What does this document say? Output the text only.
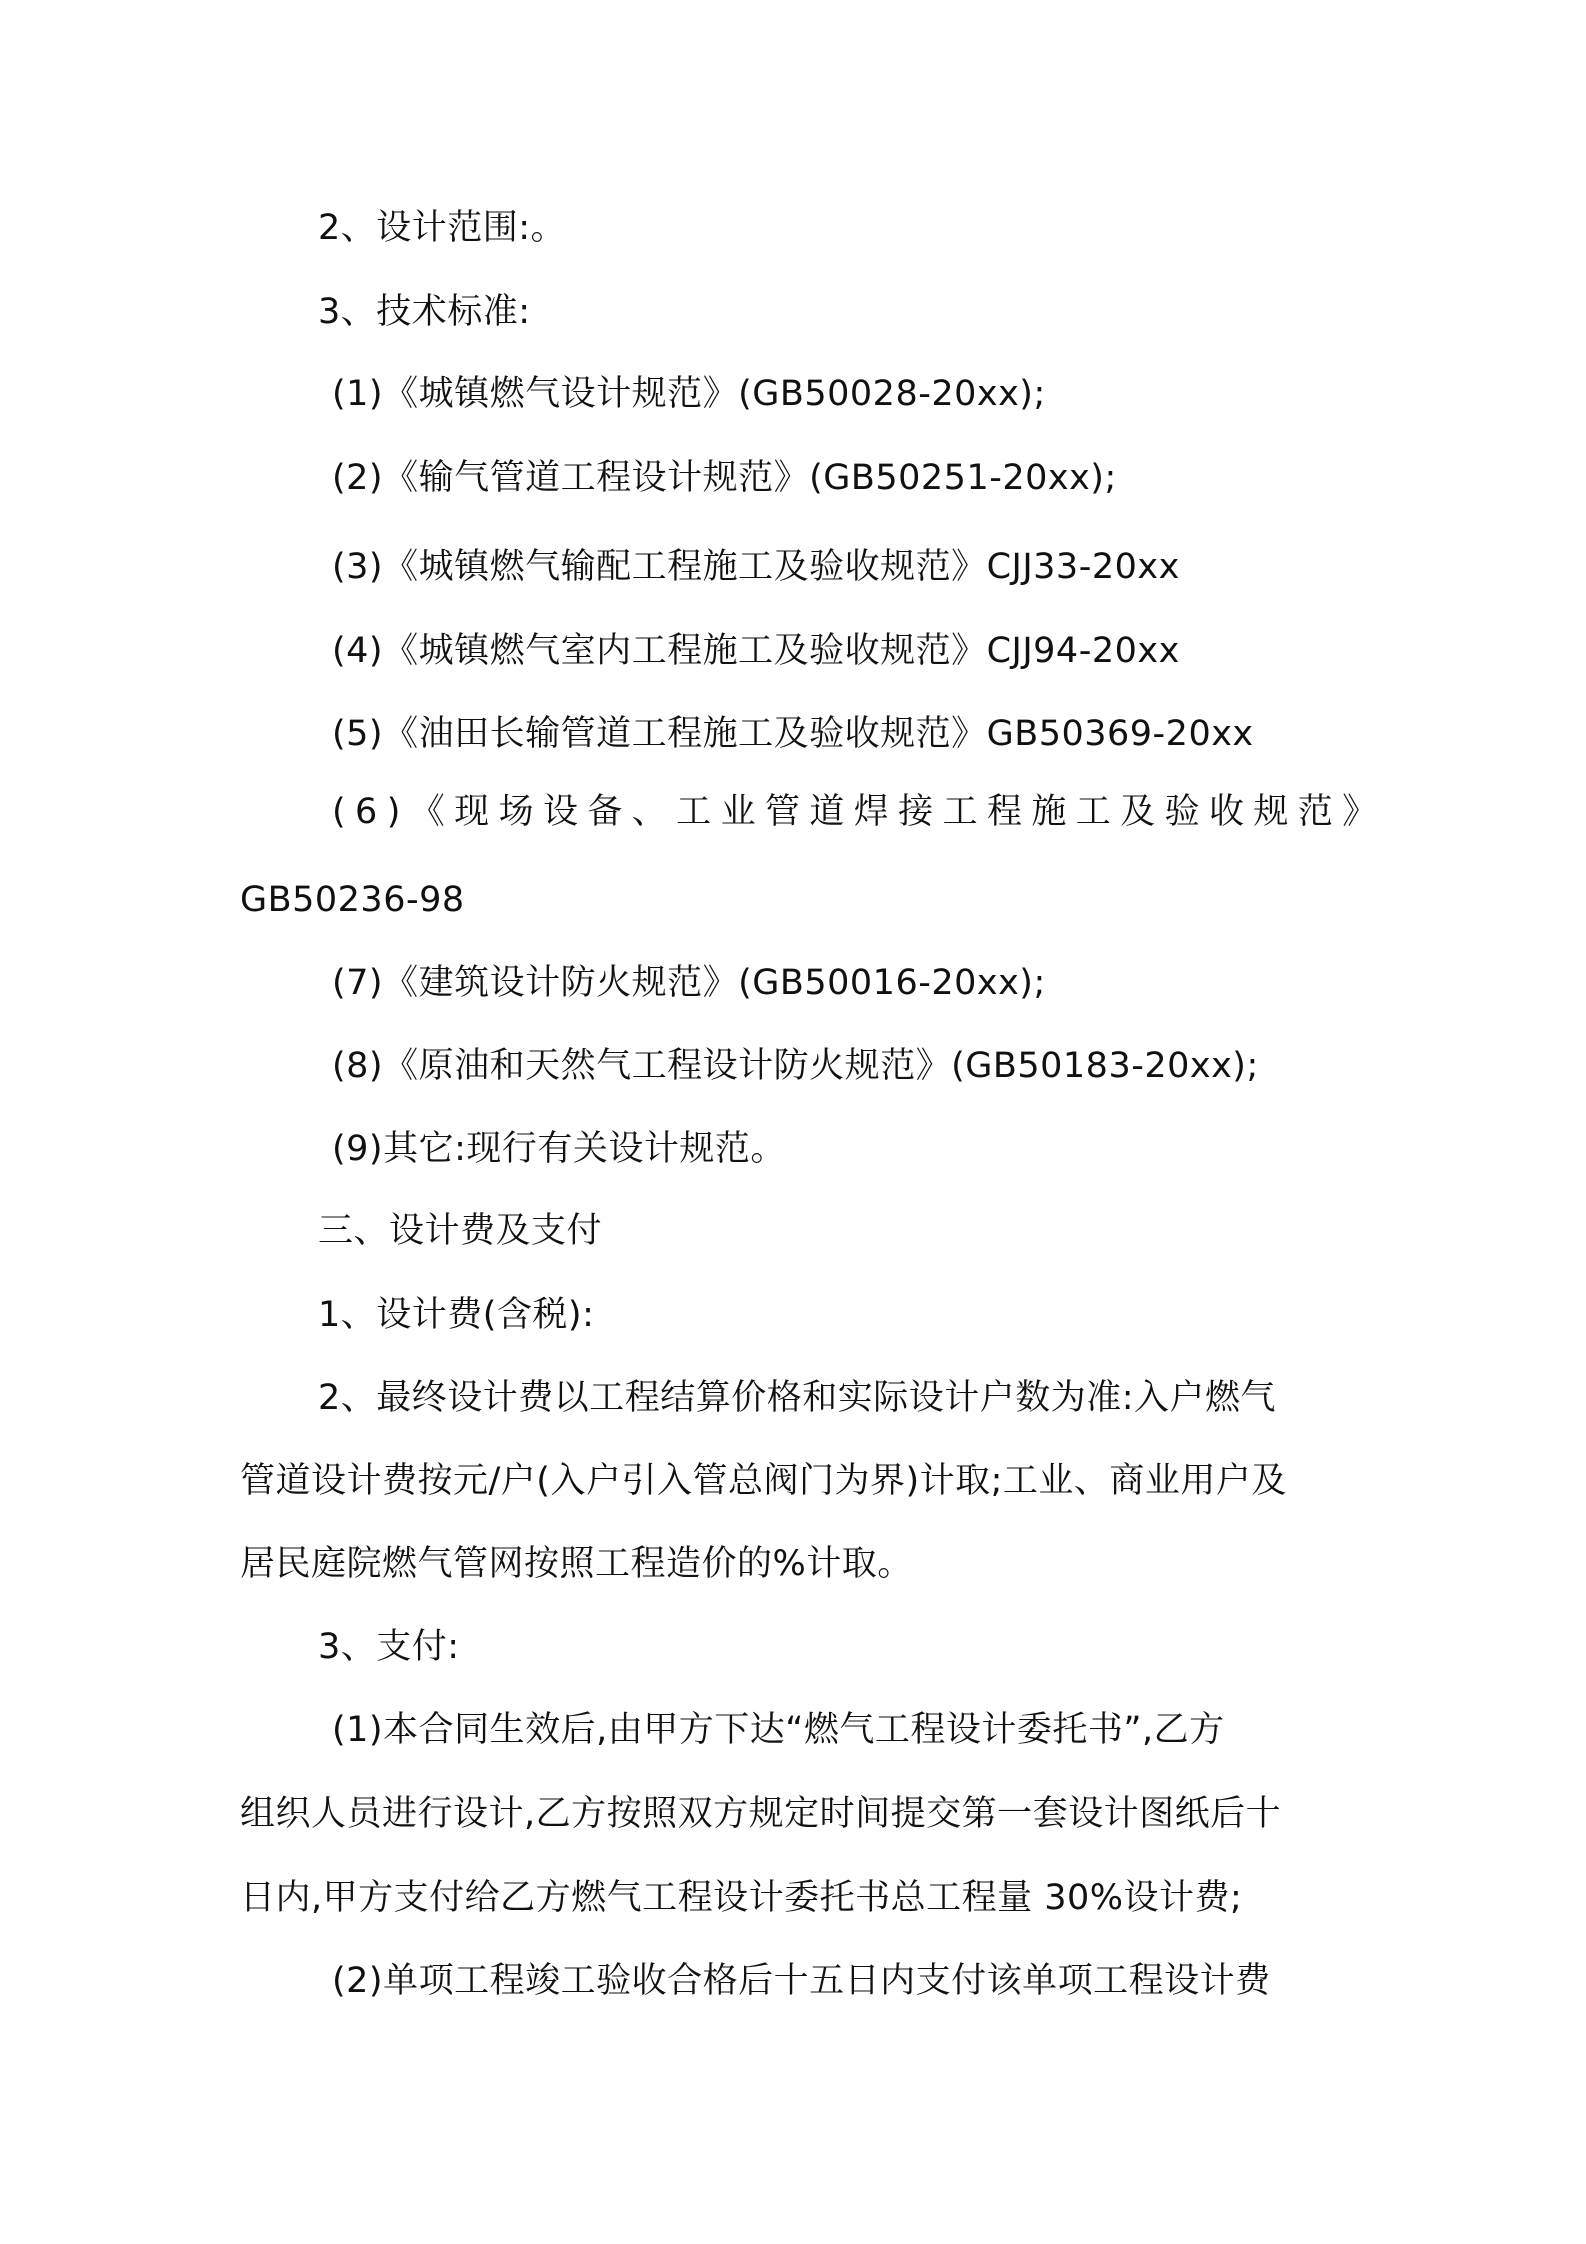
2、设计范围:。
3、技术标准:
(1)《城镇燃气设计规范》(GB50028-20xx);
(2)《输气管道工程设计规范》(GB50251-20xx);
(3)《城镇燃气输配工程施工及验收规范》CJJ33-20xx
(4)《城镇燃气室内工程施工及验收规范》CJJ94-20xx
(5)《油田长输管道工程施工及验收规范》GB50369-20xx
(6)《现场设备、工业管道焊接工程施工及验收规范》
GB50236-98
(7)《建筑设计防火规范》(GB50016-20xx);
(8)《原油和天然气工程设计防火规范》(GB50183-20xx);
(9)其它:现行有关设计规范。
三、设计费及支付
1、设计费(含税):
2、最终设计费以工程结算价格和实际设计户数为准:入户燃气
管道设计费按元/户(入户引入管总阀门为界)计取;工业、商业用户及
居民庭院燃气管网按照工程造价的%计取。
3、支付:
(1)本合同生效后,由甲方下达“燃气工程设计委托书”,乙方
组织人员进行设计,乙方按照双方规定时间提交第一套设计图纸后十
日内,甲方支付给乙方燃气工程设计委托书总工程量 30%设计费;
(2)单项工程竣工验收合格后十五日内支付该单项工程设计费
